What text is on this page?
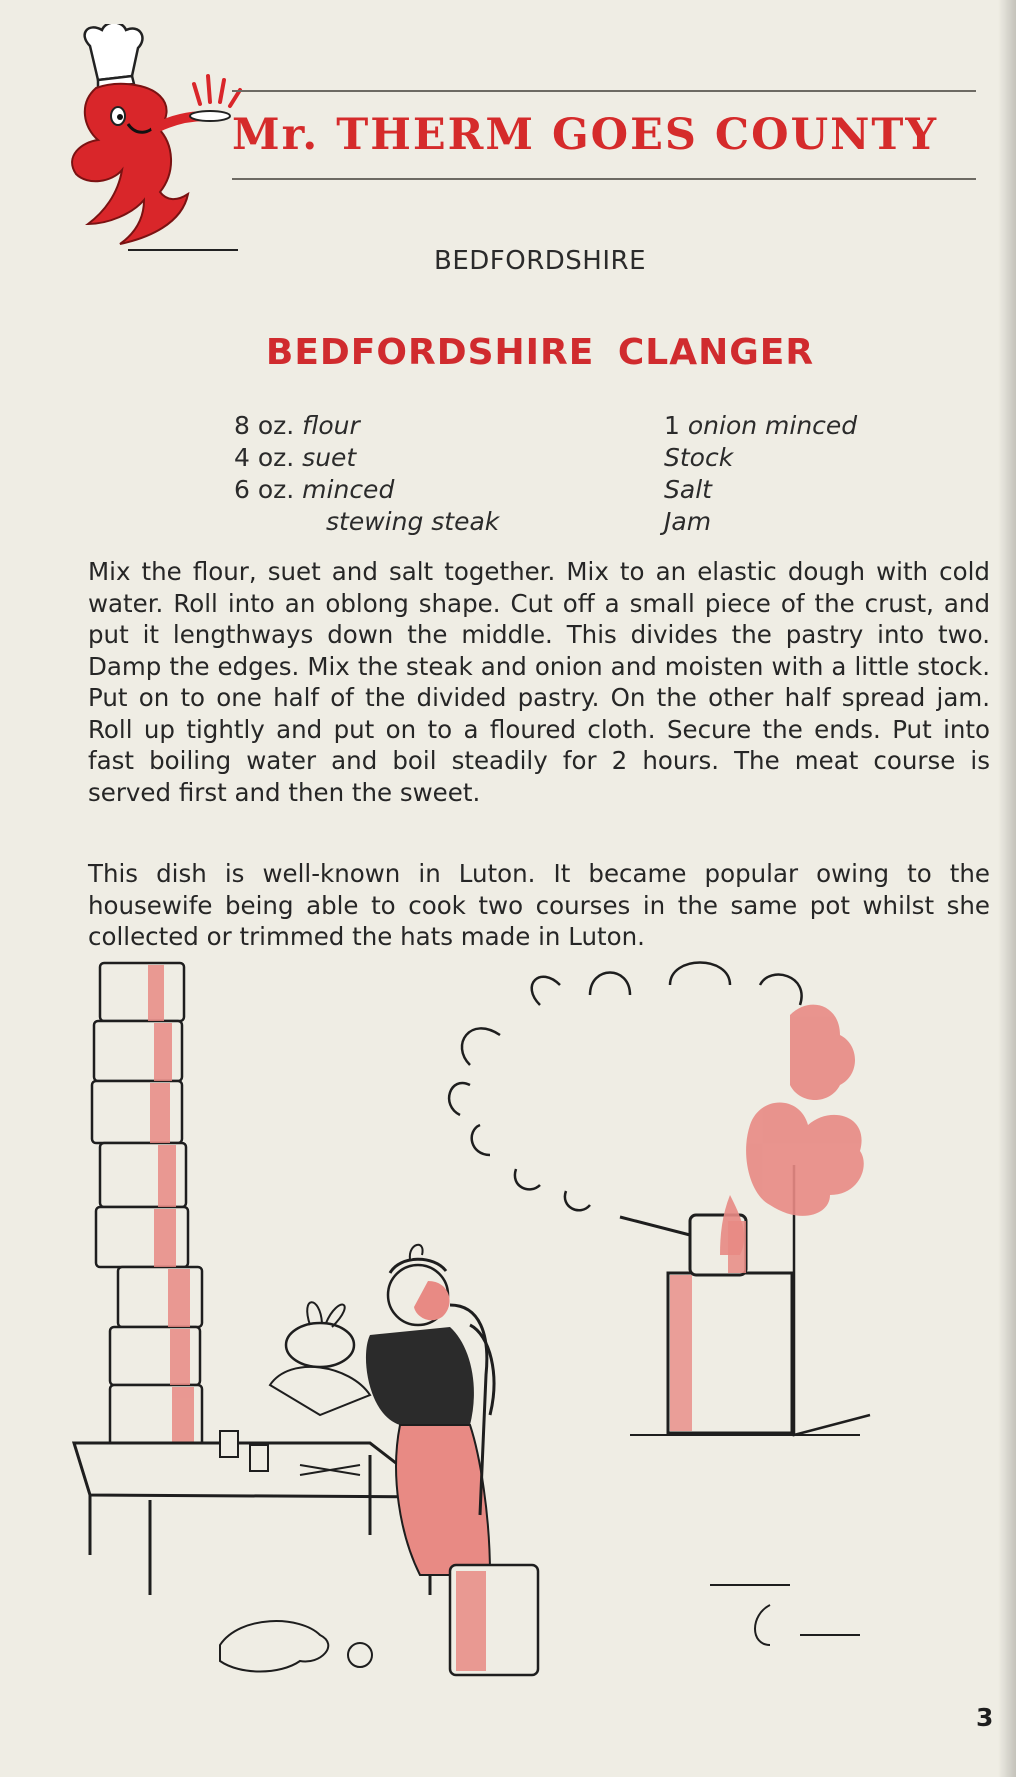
Mr. THERM GOES COUNTY
BEDFORDSHIRE
BEDFORDSHIRE CLANGER
8 oz. flour
4 oz. suet
6 oz. minced
stewing steak
1 onion minced
Stock
Salt
Jam

Mix the flour, suet and salt together. Mix to an elastic dough with cold water. Roll into an oblong shape. Cut off a small piece of the crust, and put it lengthways down the middle. This divides the pastry into two. Damp the edges. Mix the steak and onion and moisten with a little stock. Put on to one half of the divided pastry. On the other half spread jam. Roll up tightly and put on to a floured cloth. Secure the ends. Put into fast boiling water and boil steadily for 2 hours. The meat course is served first and then the sweet.

This dish is well-known in Luton. It became popular owing to the housewife being able to cook two courses in the same pot whilst she collected or trimmed the hats made in Luton.

3
